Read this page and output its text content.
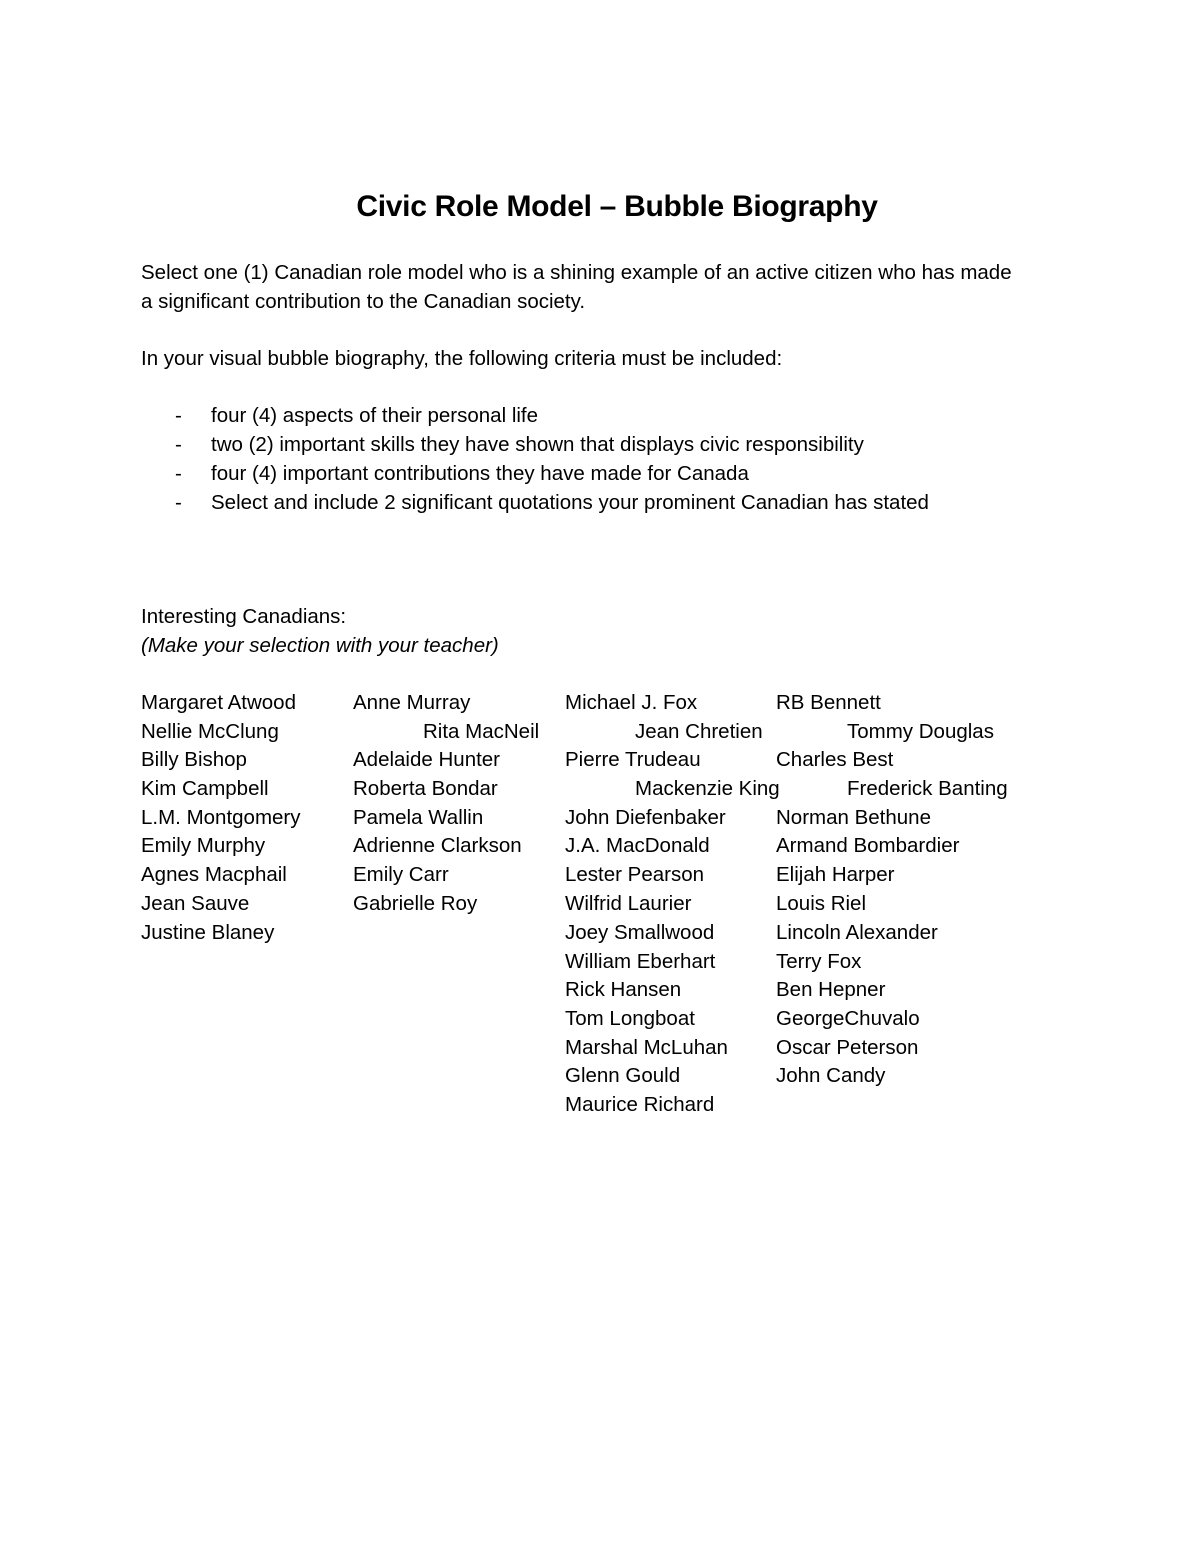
Civic Role Model – Bubble Biography
Select one (1) Canadian role model who is a shining example of an active citizen who has made
a significant contribution to the Canadian society.
In your visual bubble biography, the following criteria must be included:
- four (4) aspects of their personal life
- two (2) important skills they have shown that displays civic responsibility
- four (4) important contributions they have made for Canada
- Select and include 2 significant quotations your prominent Canadian has stated
Interesting Canadians:
(Make your selection with your teacher)
Margaret Atwood
Nellie McClung
Billy Bishop
Kim Campbell
L.M. Montgomery
Emily Murphy
Agnes Macphail
Jean Sauve
Justine Blaney
Anne Murray
Rita MacNeil
Adelaide Hunter
Roberta Bondar
Pamela Wallin
Adrienne Clarkson
Emily Carr
Gabrielle Roy
Michael J. Fox
Jean Chretien
Pierre Trudeau
Mackenzie King
John Diefenbaker
J.A. MacDonald
Lester Pearson
Wilfrid Laurier
Joey Smallwood
William Eberhart
Rick Hansen
Tom Longboat
Marshal McLuhan
Glenn Gould
Maurice Richard
RB Bennett
Tommy Douglas
Charles Best
Frederick Banting
Norman Bethune
Armand Bombardier
Elijah Harper
Louis Riel
Lincoln Alexander
Terry Fox
Ben Hepner
GeorgeChuvalo
Oscar Peterson
John Candy
